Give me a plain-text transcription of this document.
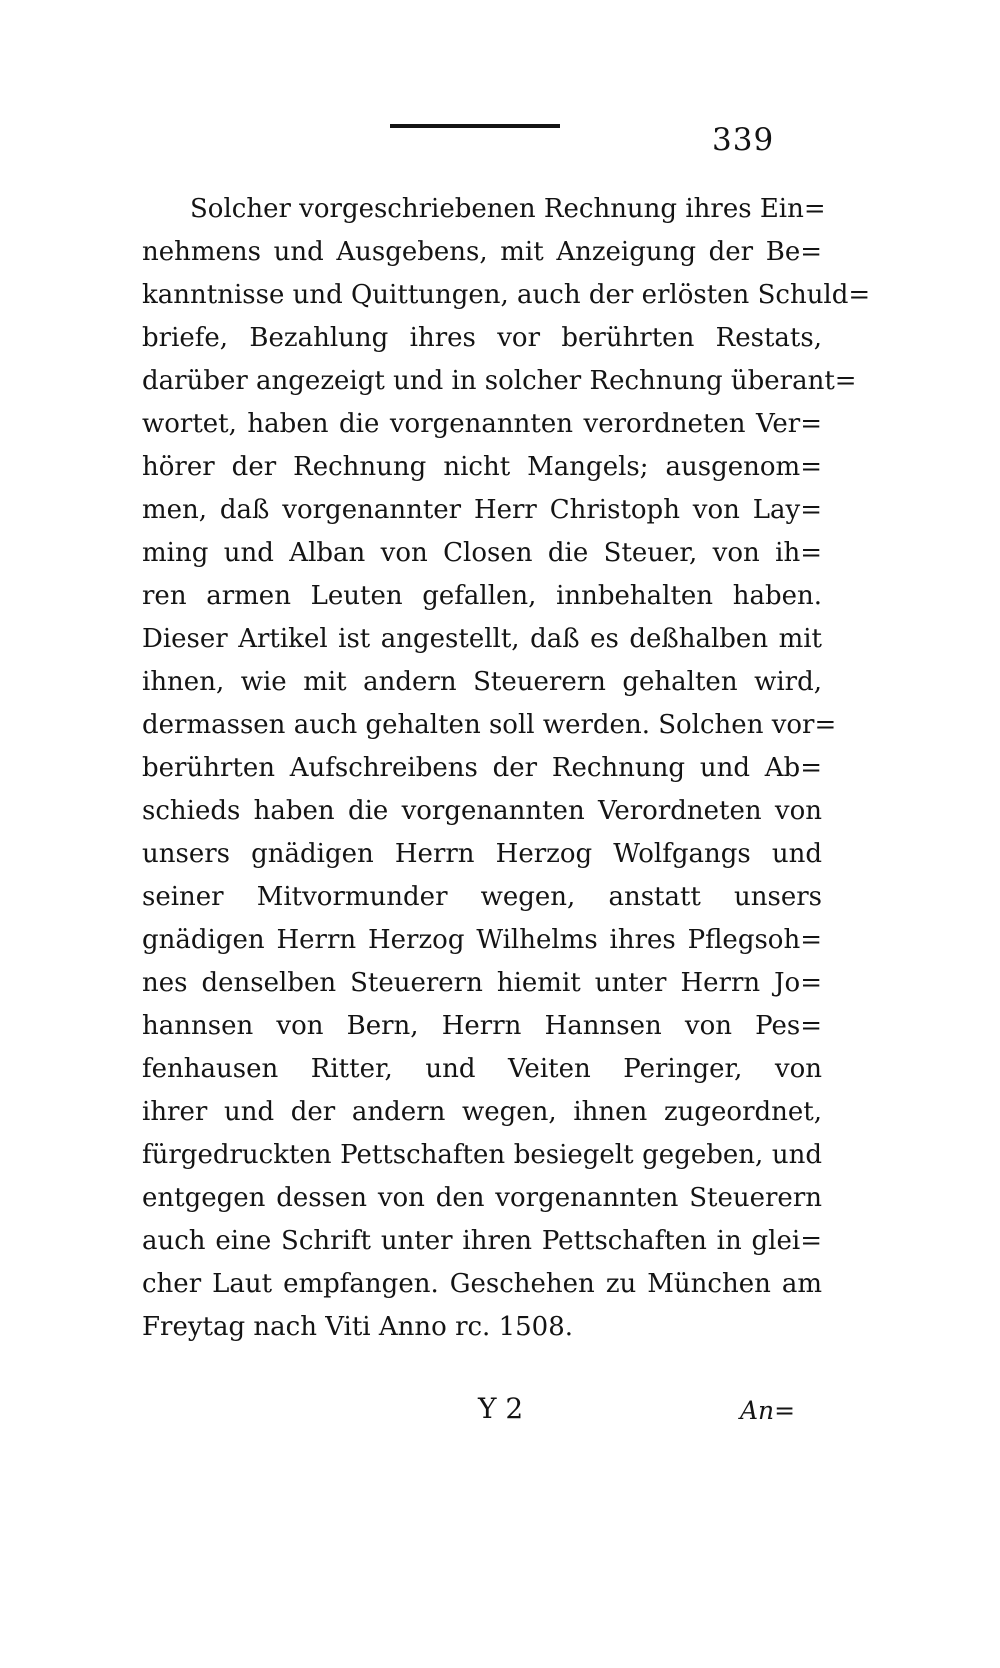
339
Solcher vorgeschriebenen Rechnung ihres Ein=
nehmens und Ausgebens, mit Anzeigung der Be=
kanntnisse und Quittungen, auch der erlösten Schuld=
briefe, Bezahlung ihres vor berührten Restats,
darüber angezeigt und in solcher Rechnung überant=
wortet, haben die vorgenannten verordneten Ver=
hörer der Rechnung nicht Mangels; ausgenom=
men, daß vorgenannter Herr Christoph von Lay=
ming und Alban von Closen die Steuer, von ih=
ren armen Leuten gefallen, innbehalten haben.
Dieser Artikel ist angestellt, daß es deßhalben mit
ihnen, wie mit andern Steuerern gehalten wird,
dermassen auch gehalten soll werden. Solchen vor=
berührten Aufschreibens der Rechnung und Ab=
schieds haben die vorgenannten Verordneten von
unsers gnädigen Herrn Herzog Wolfgangs und
seiner Mitvormunder wegen, anstatt unsers
gnädigen Herrn Herzog Wilhelms ihres Pflegsoh=
nes denselben Steuerern hiemit unter Herrn Jo=
hannsen von Bern, Herrn Hannsen von Pes=
fenhausen Ritter, und Veiten Peringer, von
ihrer und der andern wegen, ihnen zugeordnet,
fürgedruckten Pettschaften besiegelt gegeben, und
entgegen dessen von den vorgenannten Steuerern
auch eine Schrift unter ihren Pettschaften in glei=
cher Laut empfangen. Geschehen zu München am
Freytag nach Viti Anno rc. 1508.
Y 2	An=
